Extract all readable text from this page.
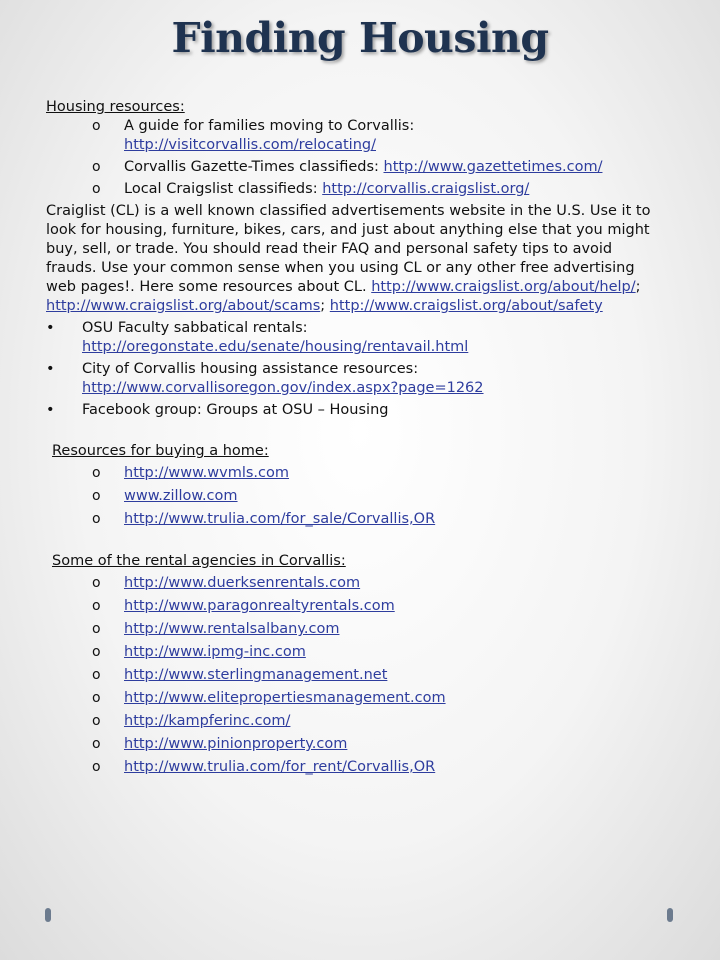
Finding Housing
Housing resources:
o A guide for families moving to Corvallis: http://visitcorvallis.com/relocating/
o Corvallis Gazette-Times classifieds: http://www.gazettetimes.com/
o Local Craigslist classifieds: http://corvallis.craigslist.org/

Craiglist (CL) is a well known classified advertisements website in the U.S. Use it to look for housing, furniture, bikes, cars, and just about anything else that you might buy, sell, or trade. You should read their FAQ and personal safety tips to avoid frauds. Use your common sense when you using CL or any other free advertising web pages!. Here some resources about CL. http://www.craigslist.org/about/help/; http://www.craigslist.org/about/scams; http://www.craigslist.org/about/safety

• OSU Faculty sabbatical rentals: http://oregonstate.edu/senate/housing/rentavail.html
• City of Corvallis housing assistance resources: http://www.corvallisoregon.gov/index.aspx?page=1262
• Facebook group: Groups at OSU – Housing
Resources for buying a home:
o http://www.wvmls.com
o www.zillow.com
o http://www.trulia.com/for_sale/Corvallis,OR
Some of the rental agencies in Corvallis:
o http://www.duerksenrentals.com
o http://www.paragonrealtyrentals.com
o http://www.rentalsalbany.com
o http://www.ipmg-inc.com
o http://www.sterlingmanagement.net
o http://www.elitepropertiesmanagement.com
o http://kampferinc.com/
o http://www.pinionproperty.com
o http://www.trulia.com/for_rent/Corvallis,OR
